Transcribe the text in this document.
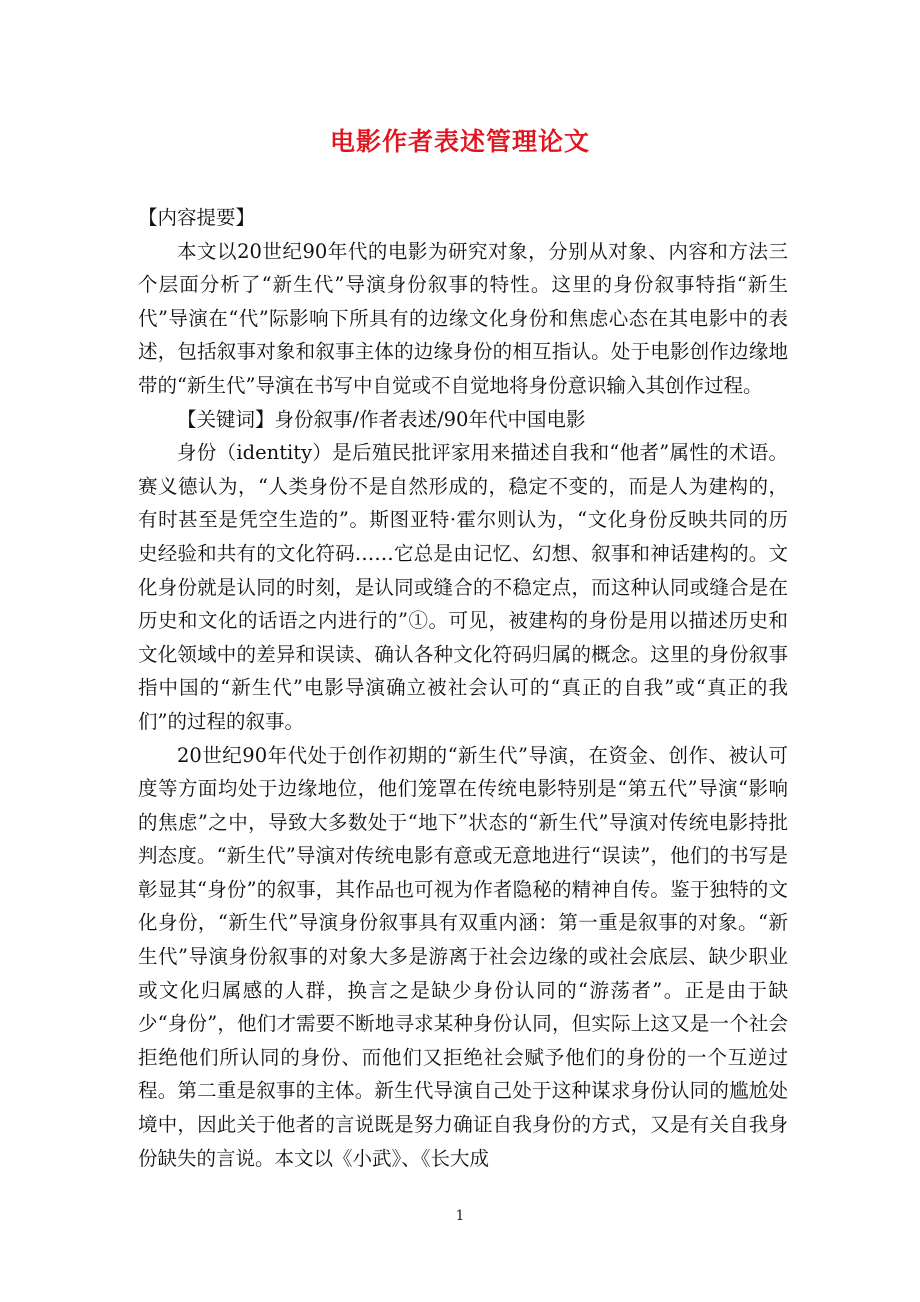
电影作者表述管理论文

【内容提要】

本文以20世纪90年代的电影为研究对象，分别从对象、内容和方法三个层面分析了“新生代”导演身份叙事的特性。这里的身份叙事特指“新生代”导演在“代”际影响下所具有的边缘文化身份和焦虑心态在其电影中的表述，包括叙事对象和叙事主体的边缘身份的相互指认。处于电影创作边缘地带的“新生代”导演在书写中自觉或不自觉地将身份意识输入其创作过程。

【关键词】身份叙事/作者表述/90年代中国电影

身份（identity）是后殖民批评家用来描述自我和“他者”属性的术语。赛义德认为，“人类身份不是自然形成的，稳定不变的，而是人为建构的，有时甚至是凭空生造的”。斯图亚特·霍尔则认为，“文化身份反映共同的历史经验和共有的文化符码……它总是由记忆、幻想、叙事和神话建构的。文化身份就是认同的时刻，是认同或缝合的不稳定点，而这种认同或缝合是在历史和文化的话语之内进行的”①。可见，被建构的身份是用以描述历史和文化领域中的差异和误读、确认各种文化符码归属的概念。这里的身份叙事指中国的“新生代”电影导演确立被社会认可的“真正的自我”或“真正的我们”的过程的叙事。

20世纪90年代处于创作初期的“新生代”导演，在资金、创作、被认可度等方面均处于边缘地位，他们笼罩在传统电影特别是“第五代”导演“影响的焦虑”之中，导致大多数处于“地下”状态的“新生代”导演对传统电影持批判态度。“新生代”导演对传统电影有意或无意地进行“误读”，他们的书写是彰显其“身份”的叙事，其作品也可视为作者隐秘的精神自传。鉴于独特的文化身份，“新生代”导演身份叙事具有双重内涵：第一重是叙事的对象。“新生代”导演身份叙事的对象大多是游离于社会边缘的或社会底层、缺少职业或文化归属感的人群，换言之是缺少身份认同的“游荡者”。正是由于缺少“身份”，他们才需要不断地寻求某种身份认同，但实际上这又是一个社会拒绝他们所认同的身份、而他们又拒绝社会赋予他们的身份的一个互逆过程。第二重是叙事的主体。新生代导演自己处于这种谋求身份认同的尴尬处境中，因此关于他者的言说既是努力确证自我身份的方式，又是有关自我身份缺失的言说。本文以《小武》、《长大成

1
